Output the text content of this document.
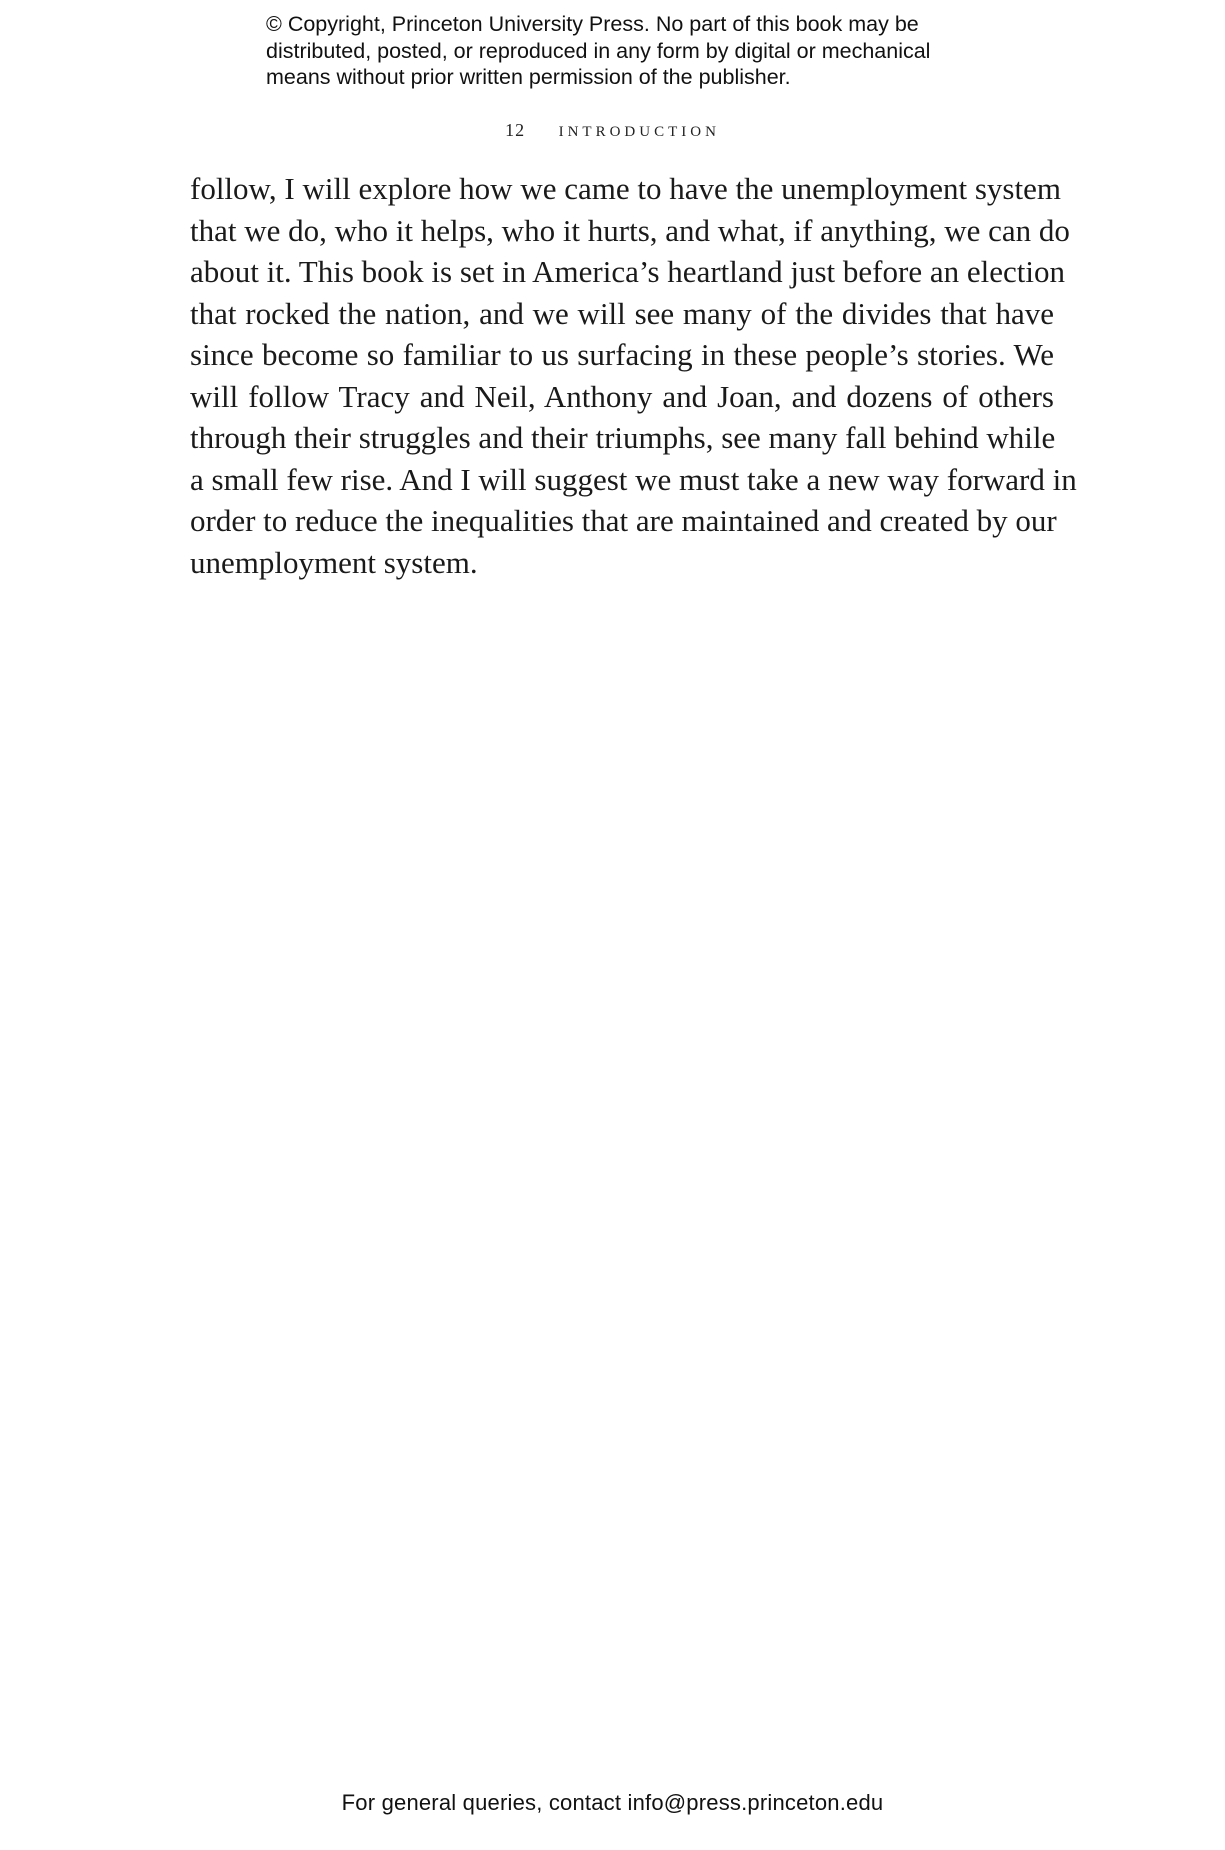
© Copyright, Princeton University Press. No part of this book may be
distributed, posted, or reproduced in any form by digital or mechanical
means without prior written permission of the publisher.
12 introduction
follow, I will explore how we came to have the unemployment system
that we do, who it helps, who it hurts, and what, if anything, we can do
about it. This book is set in America’s heartland just before an election
that rocked the nation, and we will see many of the divides that have
since become so familiar to us surfacing in these people’s stories. We
will follow Tracy and Neil, Anthony and Joan, and dozens of others
through their struggles and their triumphs, see many fall behind while
a small few rise. And I will suggest we must take a new way forward in
order to reduce the inequalities that are maintained and created by our
unemployment system.
For general queries, contact info@press.princeton.edu
